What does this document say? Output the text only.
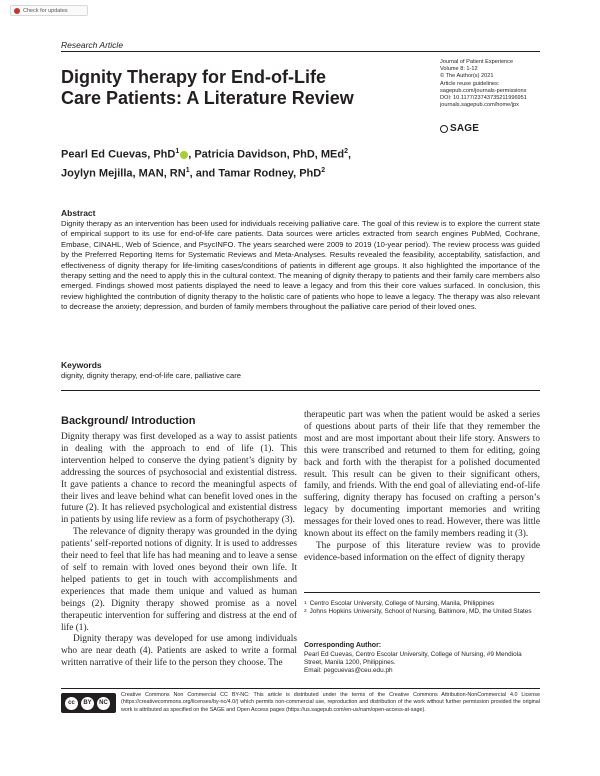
Check for updates
Research Article
Dignity Therapy for End-of-Life Care Patients: A Literature Review
Journal of Patient Experience
Volume 8: 1-12
© The Author(s) 2021
Article reuse guidelines:
sagepub.com/journals-permissions
DOI: 10.1177/23743735211996951
journals.sagepub.com/home/jpx
SAGE
Pearl Ed Cuevas, PhD$^1$ , Patricia Davidson, PhD, MEd$^2$,
Joylyn Mejilla, MAN, $RN^1$, and Tamar Rodney, PhD$^2$
Abstract
Dignity therapy as an intervention has been used for individuals receiving palliative care. The goal of this review is to explore the current state of empirical support to its use for end-of-life care patients. Data sources were articles extracted from search engines PubMed, Cochrane, Embase, CINAHL, Web of Science, and PsycINFO. The years searched were 2009 to 2019 (10-year period). The review process was guided by the Preferred Reporting Items for Systematic Reviews and Meta-Analyses. Results revealed the feasibility, acceptability, satisfaction, and effectiveness of dignity therapy for life-limiting cases/conditions of patients in different age groups. It also highlighted the importance of the therapy setting and the need to apply this in the cultural context. The meaning of dignity therapy to patients and their family care members also emerged. Findings showed most patients displayed the need to leave a legacy and from this their core values surfaced. In conclusion, this review highlighted the contribution of dignity therapy to the holistic care of patients who hope to leave a legacy. The therapy was also relevant to decrease the anxiety; depression, and burden of family members throughout the palliative care period of their loved ones.
Keywords
dignity, dignity therapy, end-of-life care, palliative care
Background/ Introduction

Dignity therapy was first developed as a way to assist patients in dealing with the approach to end of life (1). This intervention helped to conserve the dying patient’s dignity by addressing the sources of psychosocial and existential distress. It gave patients a chance to record the meaningful aspects of their lives and leave behind what can benefit loved ones in the future (2). It has relieved psychological and existential distress in patients by using life review as a form of psychotherapy (3).

The relevance of dignity therapy was grounded in the dying patients’ self-reported notions of dignity. It is used to addresses their need to feel that life has had meaning and to leave a sense of self to remain with loved ones beyond their own life. It helped patients to get in touch with accomplishments and experiences that made them unique and valued as human beings (2). Dignity therapy showed promise as a novel therapeutic intervention for suffering and distress at the end of life (1).

Dignity therapy was developed for use among individuals who are near death (4). Patients are asked to write a formal written narrative of their life to the person they choose. The

therapeutic part was when the patient would be asked a series of questions about parts of their life that they remember the most and are most important about their life story. Answers to this were transcribed and returned to them for editing, going back and forth with the therapist for a polished documented result. This result can be given to their significant others, family, and friends. With the end goal of alleviating end-of-life suffering, dignity therapy has focused on crafting a person’s legacy by documenting important memories and writing messages for their loved ones to read. However, there was little known about its effect on the family members reading it (3).

The purpose of this literature review was to provide evidence-based information on the effect of dignity therapy

1 Centro Escolar University, College of Nursing, Manila, Philippines
2 Johns Hopkins University, School of Nursing, Baltimore, MD, the United States
Corresponding Author:
Pearl Ed Cuevas, Centro Escolar University, College of Nursing, #9 Mendiola Street, Manila 1200, Philippines.
Email: pegcuevas@ceu.edu.ph
cc	BY	NC
Creative Commons Non Commercial CC BY-NC: This article is distributed under the terms of the Creative Commons Attribution-NonCommercial 4.0 License (https://creativecommons.org/licenses/by-nc/4.0/) which permits non-commercial use, reproduction and distribution of the work without further permission provided the original work is attributed as specified on the SAGE and Open Access pages (https://us.sagepub.com/en-us/nam/open-access-at-sage).
